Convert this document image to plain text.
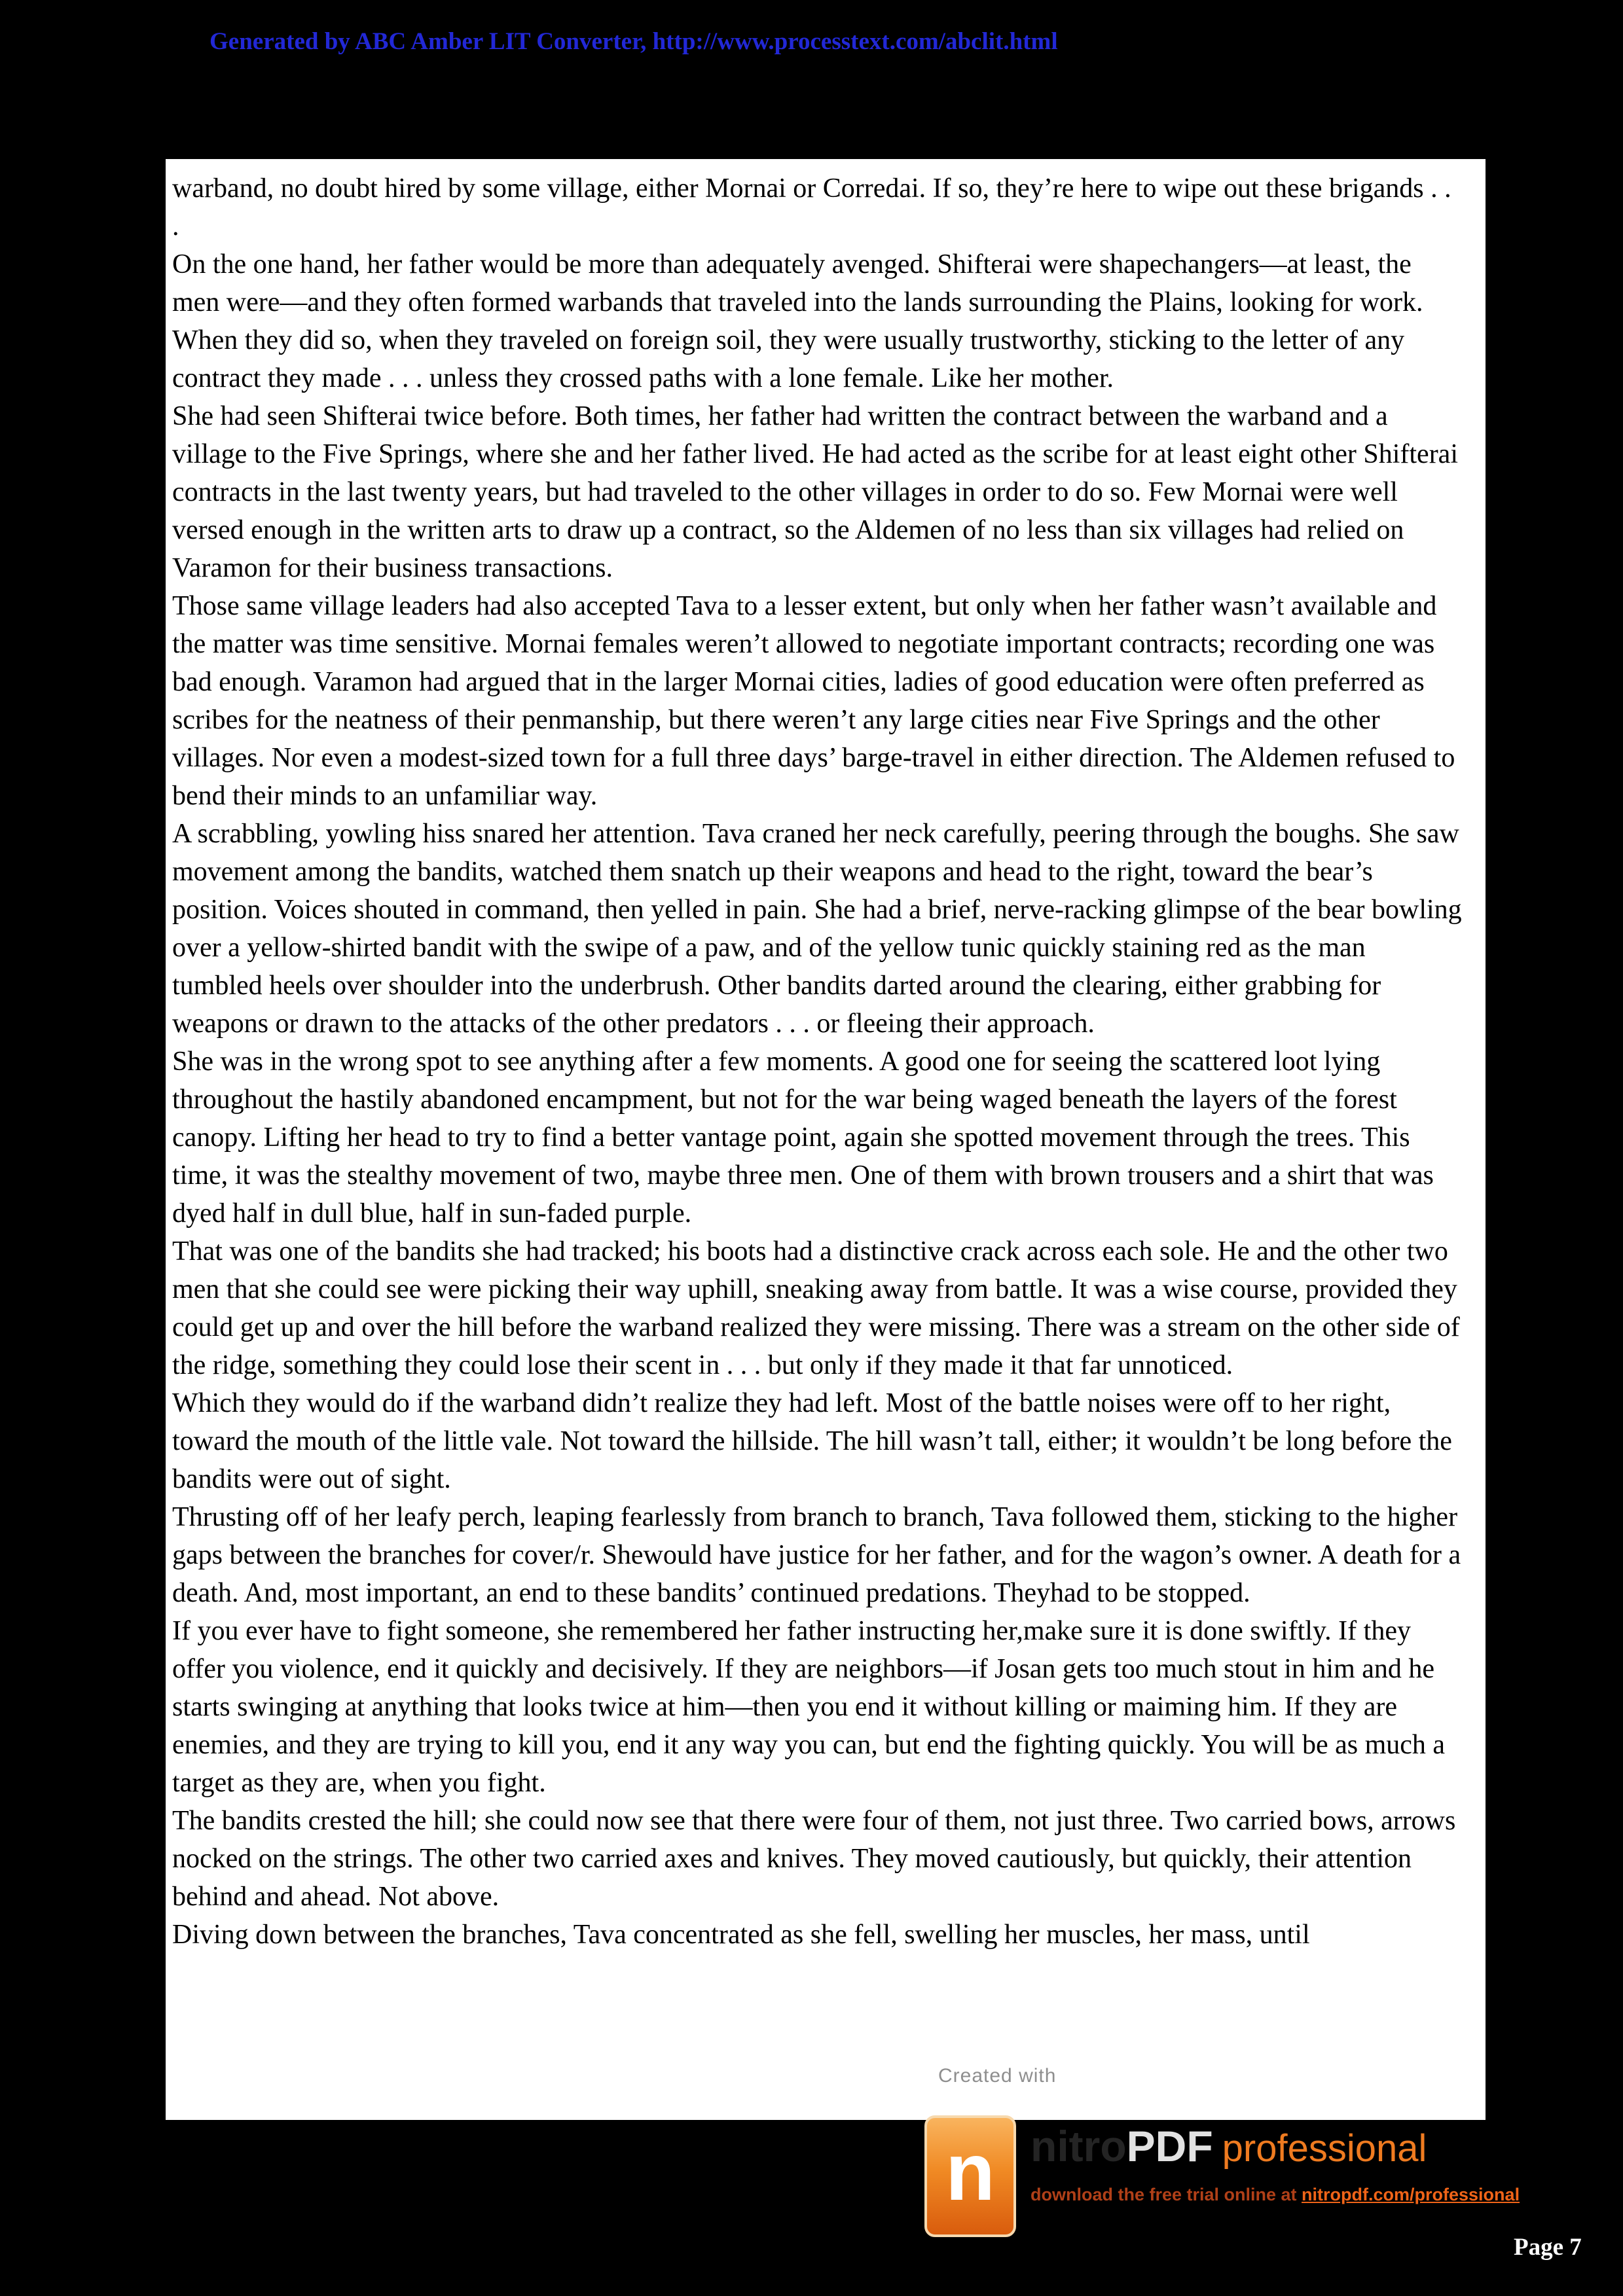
Generated by ABC Amber LIT Converter, http://www.processtext.com/abclit.html

warband, no doubt hired by some village, either Mornai or Corredai. If so, they’re here to wipe out these brigands . . .

On the one hand, her father would be more than adequately avenged. Shifterai were shapechangers—at least, the men were—and they often formed warbands that traveled into the lands surrounding the Plains, looking for work. When they did so, when they traveled on foreign soil, they were usually trustworthy, sticking to the letter of any contract they made . . . unless they crossed paths with a lone female. Like her mother.

She had seen Shifterai twice before. Both times, her father had written the contract between the warband and a village to the Five Springs, where she and her father lived. He had acted as the scribe for at least eight other Shifterai contracts in the last twenty years, but had traveled to the other villages in order to do so. Few Mornai were well versed enough in the written arts to draw up a contract, so the Aldemen of no less than six villages had relied on Varamon for their business transactions.

Those same village leaders had also accepted Tava to a lesser extent, but only when her father wasn’t available and the matter was time sensitive. Mornai females weren’t allowed to negotiate important contracts; recording one was bad enough. Varamon had argued that in the larger Mornai cities, ladies of good education were often preferred as scribes for the neatness of their penmanship, but there weren’t any large cities near Five Springs and the other villages. Nor even a modest-sized town for a full three days’ barge-travel in either direction. The Aldemen refused to bend their minds to an unfamiliar way.

A scrabbling, yowling hiss snared her attention. Tava craned her neck carefully, peering through the boughs. She saw movement among the bandits, watched them snatch up their weapons and head to the right, toward the bear’s position. Voices shouted in command, then yelled in pain. She had a brief, nerve-racking glimpse of the bear bowling over a yellow-shirted bandit with the swipe of a paw, and of the yellow tunic quickly staining red as the man tumbled heels over shoulder into the underbrush. Other bandits darted around the clearing, either grabbing for weapons or drawn to the attacks of the other predators . . . or fleeing their approach.

She was in the wrong spot to see anything after a few moments. A good one for seeing the scattered loot lying throughout the hastily abandoned encampment, but not for the war being waged beneath the layers of the forest canopy. Lifting her head to try to find a better vantage point, again she spotted movement through the trees. This time, it was the stealthy movement of two, maybe three men. One of them with brown trousers and a shirt that was dyed half in dull blue, half in sun-faded purple.

That was one of the bandits she had tracked; his boots had a distinctive crack across each sole. He and the other two men that she could see were picking their way uphill, sneaking away from battle. It was a wise course, provided they could get up and over the hill before the warband realized they were missing. There was a stream on the other side of the ridge, something they could lose their scent in . . . but only if they made it that far unnoticed.

Which they would do if the warband didn’t realize they had left. Most of the battle noises were off to her right, toward the mouth of the little vale. Not toward the hillside. The hill wasn’t tall, either; it wouldn’t be long before the bandits were out of sight.

Thrusting off of her leafy perch, leaping fearlessly from branch to branch, Tava followed them, sticking to the higher gaps between the branches for cover/r. Shewould have justice for her father, and for the wagon’s owner. A death for a death. And, most important, an end to these bandits’ continued predations. Theyhad to be stopped.

If you ever have to fight someone, she remembered her father instructing her,make sure it is done swiftly. If they offer you violence, end it quickly and decisively. If they are neighbors—if Josan gets too much stout in him and he starts swinging at anything that looks twice at him—then you end it without killing or maiming him. If they are enemies, and they are trying to kill you, end it any way you can, but end the fighting quickly. You will be as much a target as they are, when you fight.

The bandits crested the hill; she could now see that there were four of them, not just three. Two carried bows, arrows nocked on the strings. The other two carried axes and knives. They moved cautiously, but quickly, their attention behind and ahead. Not above.

Diving down between the branches, Tava concentrated as she fell, swelling her muscles, her mass, until

Created with
n nitroPDF professional
download the free trial online at nitropdf.com/professional
Page 7
